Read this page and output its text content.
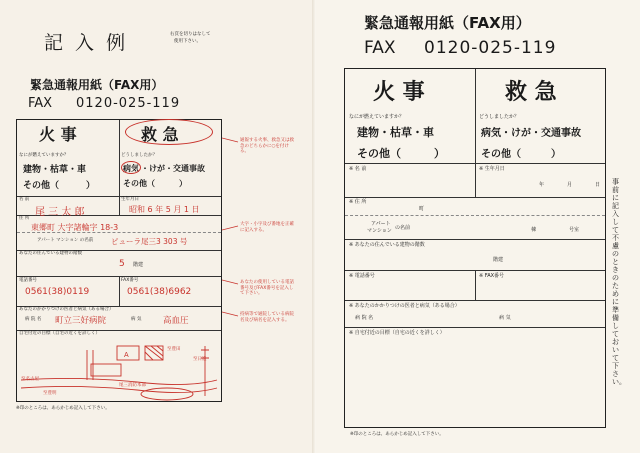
記 入 例	右頁を切りはなして
使用下さい。
緊急通報用紙（FAX用）
FAX 0120-025-119
火 事	救 急
なにが燃えていますか？	どうしましたか？
建物・枯草・車
その他（　　　）
病気 ・けが・交通事故
その他（　　　）
名 前	生年月日
尾 三 太 郎	昭和 6 年 5 月 1 日
住 所
東郷町 大字諸輪字 18-3
アパート マンション の名前 ピューラ尾三3 303 号
あなたの住んでいる建物の階数
5 階建
電話番号	FAX番号
0561(38)0119	0561(38)6962
あなたのかかりつけの医者と病気（ある場合）
病 院 名 町立三好病院	病 気	高血圧
自宅付近の目標（自宅の近くを詳しく）
A
至名古屋
至豊明
至豊田
至日進
尾三消防本部
通報する火事、救急又は救急のどちらかに○を付ける。
大字・小字及び番地を正確に記入する。
あなたの使用している電話番号及びFAX番号を記入して下さい。
持病等で通院している病院名及び病名を記入する。
※印のところは、あらかじめ記入して下さい。
緊急通報用紙（FAX用）
FAX 0120-025-119
火 事	救 急
なにが燃えていますか？	どうしましたか？
建物・枯草・車
その他（　　　）
病気・けが・交通事故
その他（　　　）
※ 名 前	※ 生年月日
年	月	日
※ 住 所
町
アパート
マンション の名前	棟	号室
※ あなたの住んでいる建物の階数
階建
※ 電話番号	※ FAX番号
※ あなたのかかりつけの医者と病気（ある場合）
病 院 名	病 気
※ 自宅付近の目標（自宅の近くを詳しく）
事前に記入して不慮のときのために準備しておいて下さい。
※印のところは、あらかじめ記入して下さい。
